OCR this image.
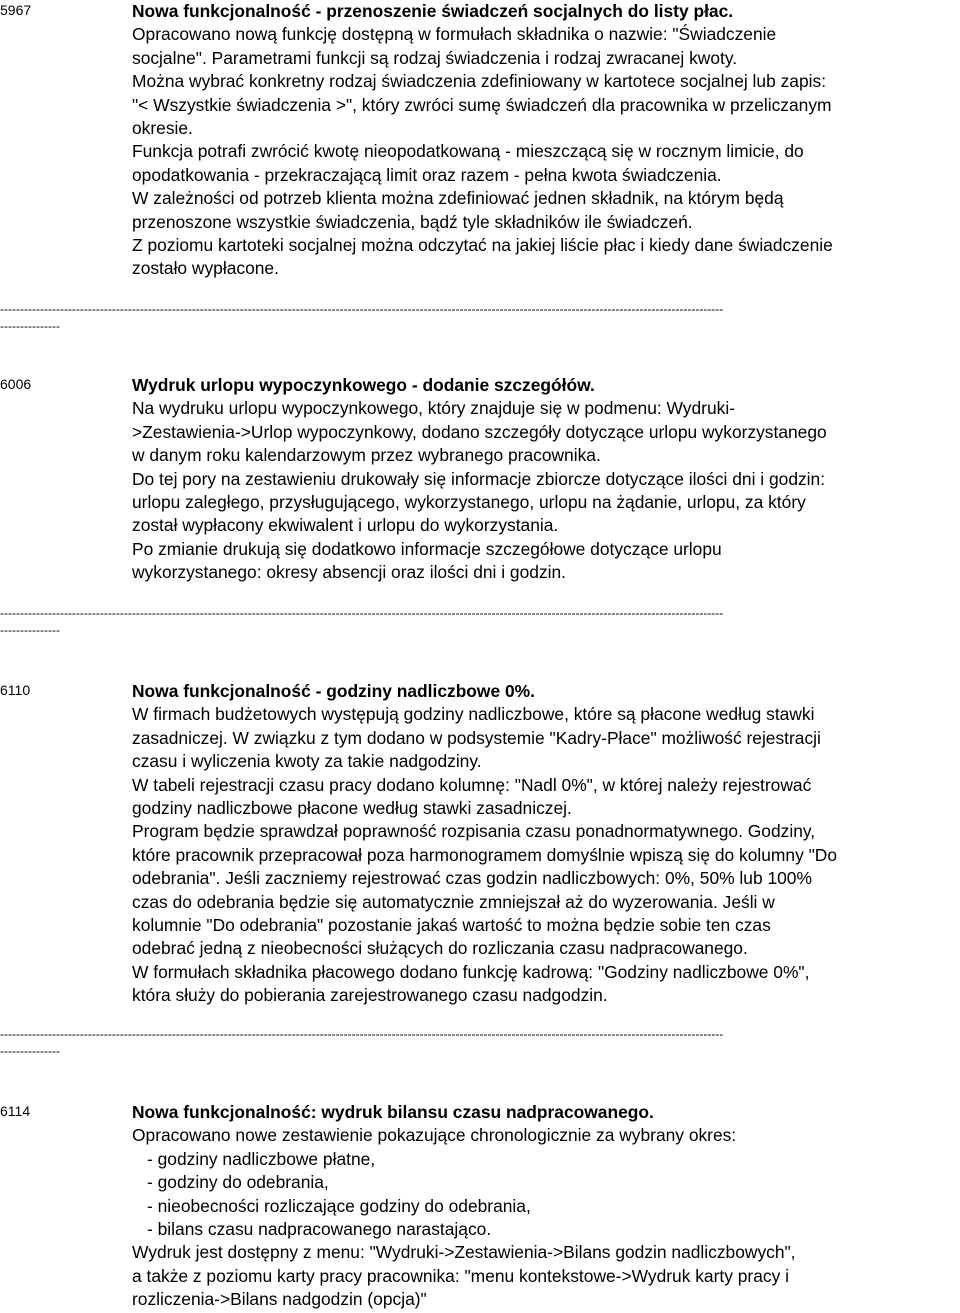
5967	Nowa funkcjonalność - przenoszenie świadczeń socjalnych do listy płac.
Opracowano nową funkcję dostępną w formułach składnika o nazwie: "Świadczenie
socjalne". Parametrami funkcji są rodzaj świadczenia i rodzaj zwracanej kwoty.
Można wybrać konkretny rodzaj świadczenia zdefiniowany w kartotece socjalnej lub zapis:
"< Wszystkie świadczenia >", który zwróci sumę świadczeń dla pracownika w przeliczanym
okresie.
Funkcja potrafi zwrócić kwotę nieopodatkowaną - mieszczącą się w rocznym limicie, do
opodatkowania - przekraczającą limit oraz razem - pełna kwota świadczenia.
W zależności od potrzeb klienta można zdefiniować jednen składnik, na którym będą
przenoszone wszystkie świadczenia, bądź tyle składników ile świadczeń.
Z poziomu kartoteki socjalnej można odczytać na jakiej liście płac i kiedy dane świadczenie
zostało wypłacone.
-------------------------------------------------------------------------------------------------------------------------------------------------------------------------------------
---------------
6006	Wydruk urlopu wypoczynkowego - dodanie szczegółów.
Na wydruku urlopu wypoczynkowego, który znajduje się w podmenu: Wydruki-
>Zestawienia->Urlop wypoczynkowy, dodano szczegóły dotyczące urlopu wykorzystanego
w danym roku kalendarzowym przez wybranego pracownika.
Do tej pory na zestawieniu drukowały się informacje zbiorcze dotyczące ilości dni i godzin:
urlopu zaległego, przysługującego, wykorzystanego, urlopu na żądanie, urlopu, za który
został wypłacony ekwiwalent i urlopu do wykorzystania.
Po zmianie drukują się dodatkowo informacje szczegółowe dotyczące urlopu
wykorzystanego: okresy absencji oraz ilości dni i godzin.
-------------------------------------------------------------------------------------------------------------------------------------------------------------------------------------
---------------
6110	Nowa funkcjonalność - godziny nadliczbowe 0%.
W firmach budżetowych występują godziny nadliczbowe, które są płacone według stawki
zasadniczej. W związku z tym dodano w podsystemie "Kadry-Płace" możliwość rejestracji
czasu i wyliczenia kwoty za takie nadgodziny.
W tabeli rejestracji czasu pracy dodano kolumnę: "Nadl 0%", w której należy rejestrować
godziny nadliczbowe płacone według stawki zasadniczej.
Program będzie sprawdzał poprawność rozpisania czasu ponadnormatywnego. Godziny,
które pracownik przepracował poza harmonogramem domyślnie wpiszą się do kolumny "Do
odebrania". Jeśli zaczniemy rejestrować czas godzin nadliczbowych: 0%, 50% lub 100%
czas do odebrania będzie się automatycznie zmniejszał aż do wyzerowania. Jeśli w
kolumnie "Do odebrania" pozostanie jakaś wartość to można będzie sobie ten czas
odebrać jedną z nieobecności służących do rozliczania czasu nadpracowanego.
W formułach składnika płacowego dodano funkcję kadrową: "Godziny nadliczbowe 0%",
która służy do pobierania zarejestrowanego czasu nadgodzin.
-------------------------------------------------------------------------------------------------------------------------------------------------------------------------------------
---------------
6114	Nowa funkcjonalność: wydruk bilansu czasu nadpracowanego.
Opracowano nowe zestawienie pokazujące chronologicznie za wybrany okres:
- godziny nadliczbowe płatne,
- godziny do odebrania,
- nieobecności rozliczające godziny do odebrania,
- bilans czasu nadpracowanego narastająco.
Wydruk jest dostępny z menu: "Wydruki->Zestawienia->Bilans godzin nadliczbowych",
a także z poziomu karty pracy pracownika: "menu kontekstowe->Wydruk karty pracy i
rozliczenia->Bilans nadgodzin (opcja)"
